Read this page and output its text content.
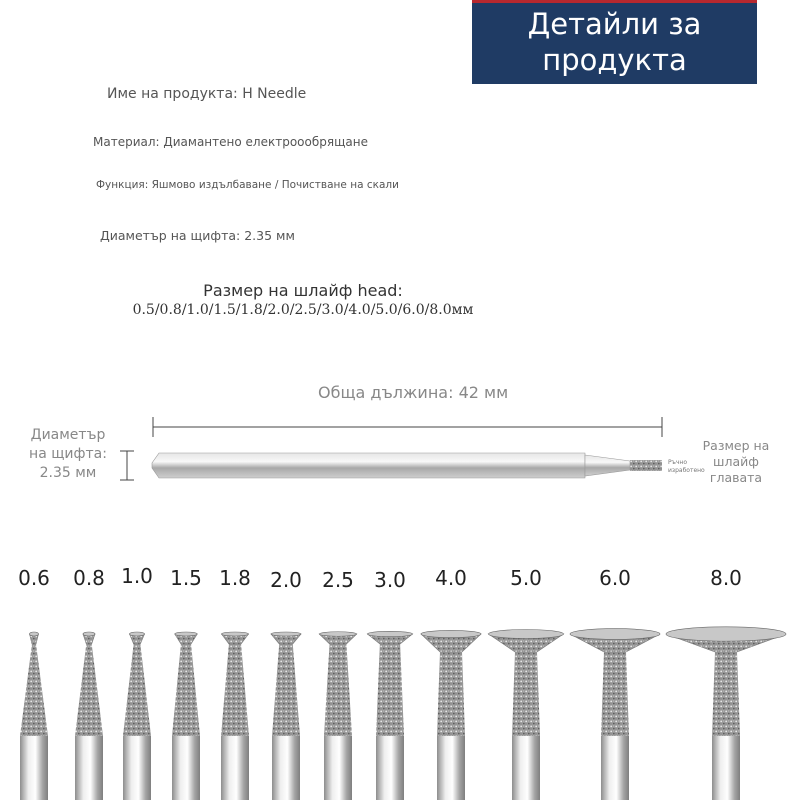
Детайли за
продукта
Име на продукта: H Needle
Материал: Диамантено електроообрящане
Функция: Яшмово издълбаване / Почистване на скали
Диаметър на щифта: 2.35 мм
Размер на шлайф head:
0.5/0.8/1.0/1.5/1.8/2.0/2.5/3.0/4.0/5.0/6.0/8.0мм
Обща дължина: 42 мм
Диаметър
на щифта:
2.35 мм
Размер на
шлайф
главата
Ръчно
изработено
0.6 0.8 1.0 1.5 1.8 2.0 2.5 3.0 4.0 5.0	6.0	8.0
